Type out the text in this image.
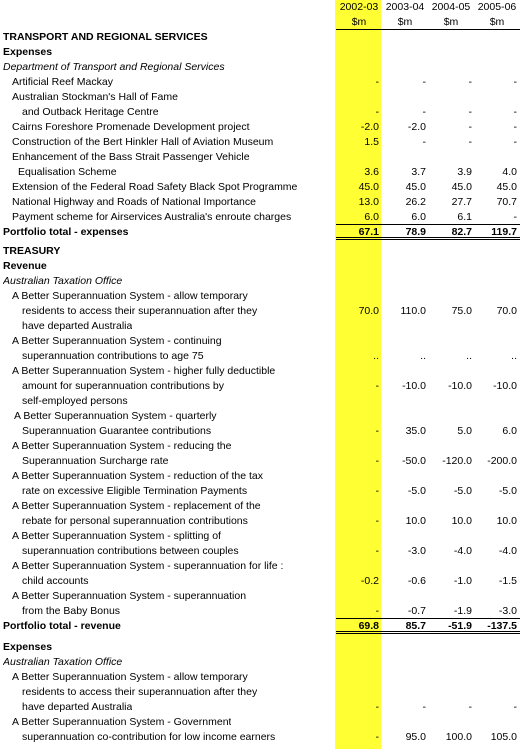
2002-03 2003-04 2004-05 2005-06
$m	$m	$m	$m
TRANSPORT AND REGIONAL SERVICES
Expenses
Department of Transport and Regional Services
Artificial Reef Mackay	-	-	-	-
Australian Stockman's Hall of Fame
and Outback Heritage Centre	-	-	-	-
Cairns Foreshore Promenade Development project	-2.0	-2.0	-	-
Construction of the Bert Hinkler Hall of Aviation Museum	1.5	-	-	-
Enhancement of the Bass Strait Passenger Vehicle
Equalisation Scheme	3.6	3.7	3.9	4.0
Extension of the Federal Road Safety Black Spot Programme	45.0	45.0 45.0 45.0
National Highway and Roads of National Importance	13.0	26.2 27.7 70.7
Payment scheme for Airservices Australia's enroute charges	6.0	6.0	6.1	-
Portfolio total - expenses	67.1	78.9 82.7 119.7
TREASURY
Revenue
Australian Taxation Office
A Better Superannuation System - allow temporary
residents to access their superannuation after they	70.0 110.0 75.0 70.0
have departed Australia
A Better Superannuation System - continuing
superannuation contributions to age 75	..	..	..	..
A Better Superannuation System - higher fully deductible
amount for superannuation contributions by	- -10.0 -10.0 -10.0
self-employed persons
A Better Superannuation System - quarterly
Superannuation Guarantee contributions	-	35.0	5.0	6.0
A Better Superannuation System - reducing the
Superannuation Surcharge rate	- -50.0 -120.0 -200.0
A Better Superannuation System - reduction of the tax
rate on excessive Eligible Termination Payments	-	-5.0	-5.0	-5.0
A Better Superannuation System - replacement of the
rebate for personal superannuation contributions	-	10.0 10.0 10.0
A Better Superannuation System - splitting of
superannuation contributions between couples	-	-3.0	-4.0	-4.0
A Better Superannuation System - superannuation for life :
child accounts	-0.2	-0.6	-1.0	-1.5
A Better Superannuation System - superannuation
from the Baby Bonus	-	-0.7	-1.9	-3.0
Portfolio total - revenue	69.8	85.7 -51.9 -137.5
Expenses
Australian Taxation Office
A Better Superannuation System - allow temporary
residents to access their superannuation after they
have departed Australia	-	-	-	-
A Better Superannuation System - Government
superannuation co-contribution for low income earners	-	95.0 100.0 105.0
